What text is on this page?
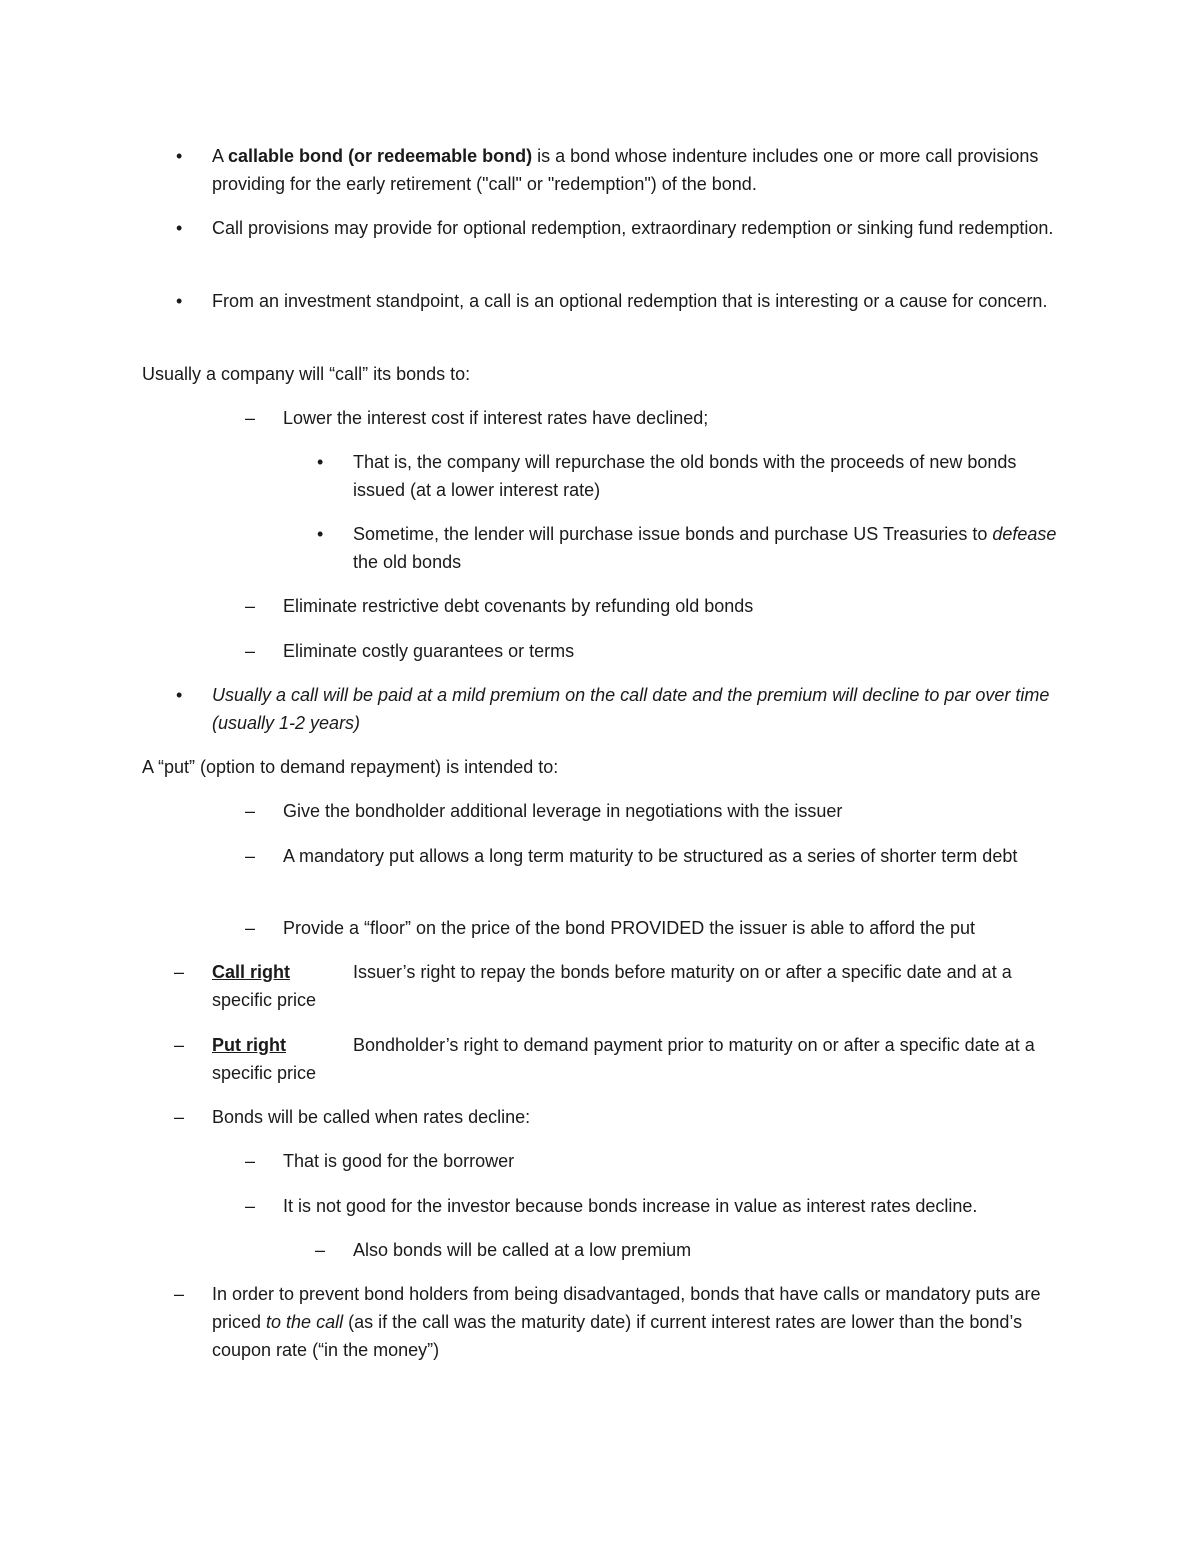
• A callable bond (or redeemable bond) is a bond whose indenture includes one or more call provisions providing for the early retirement ("call" or "redemption") of the bond.
• Call provisions may provide for optional redemption, extraordinary redemption or sinking fund redemption.
• From an investment standpoint, a call is an optional redemption that is interesting or a cause for concern.
Usually a company will “call” its bonds to:
– Lower the interest cost if interest rates have declined;
• That is, the company will repurchase the old bonds with the proceeds of new bonds issued (at a lower interest rate)
• Sometime, the lender will purchase issue bonds and purchase US Treasuries to defease the old bonds
– Eliminate restrictive debt covenants by refunding old bonds
– Eliminate costly guarantees or terms
• Usually a call will be paid at a mild premium on the call date and the premium will decline to par over time (usually 1-2 years)
A “put” (option to demand repayment) is intended to:
– Give the bondholder additional leverage in negotiations with the issuer
– A mandatory put allows a long term maturity to be structured as a series of shorter term debt
– Provide a “floor” on the price of the bond PROVIDED the issuer is able to afford the put
– Call right	Issuer’s right to repay the bonds before maturity on or after a specific date and at a specific price
– Put right	Bondholder’s right to demand payment prior to maturity on or after a specific date at a specific price
– Bonds will be called when rates decline:
– That is good for the borrower
– It is not good for the investor because bonds increase in value as interest rates decline.
– Also bonds will be called at a low premium
– In order to prevent bond holders from being disadvantaged, bonds that have calls or mandatory puts are priced to the call (as if the call was the maturity date) if current interest rates are lower than the bond’s coupon rate (“in the money”)
